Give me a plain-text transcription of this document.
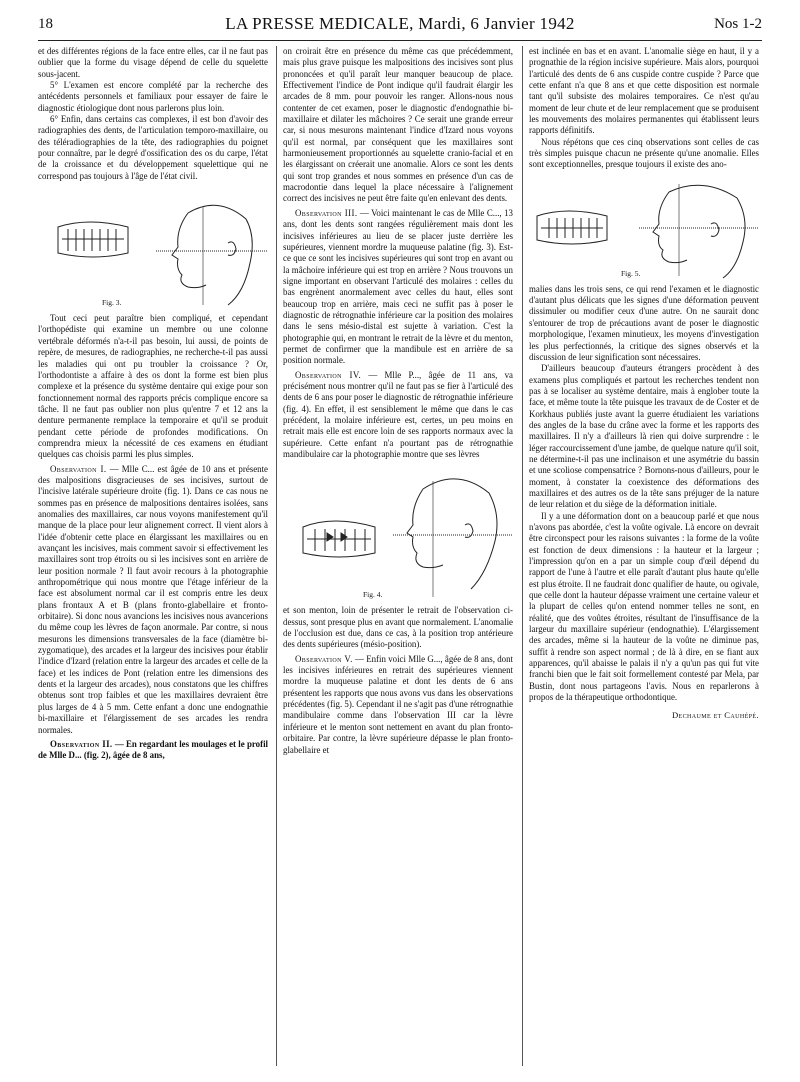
18	LA PRESSE MEDICALE, Mardi, 6 Janvier 1942	Nos 1-2

et des différentes régions de la face entre elles, car il ne faut pas oublier que la forme du visage dépend de celle du squelette sous-jacent.

5° L'examen est encore complété par la recherche des antécédents personnels et familiaux pour essayer de faire le diagnostic étiologique dont nous parlerons plus loin.

6° Enfin, dans certains cas complexes, il est bon d'avoir des radiographies des dents, de l'articulation temporo-maxillaire, ou des téléradiographies de la tête, des radiographies du poignet pour connaître, par le degré d'ossification des os du carpe, l'état de la croissance et du développement squelettique qui ne correspond pas toujours à l'âge de l'état civil.

Fig. 3.

Tout ceci peut paraître bien compliqué, et cependant l'orthopédiste qui examine un membre ou une colonne vertébrale déformés n'a-t-il pas besoin, lui aussi, de points de repère, de mesures, de radiographies, ne recherche-t-il pas aussi les maladies qui ont pu troubler la croissance ? Or, l'orthodontiste a affaire à des os dont la forme est bien plus complexe et la présence du système dentaire qui exige pour son fonctionnement normal des rapports précis complique encore sa tâche. Il ne faut pas oublier non plus qu'entre 7 et 12 ans la denture permanente remplace la temporaire et qu'il se produit pendant cette période de profondes modifications. On comprendra mieux la nécessité de ces examens en étudiant quelques cas choisis parmi les plus simples.

Observation I. — Mlle C... est âgée de 10 ans et présente des malpositions disgracieuses de ses incisives, surtout de l'incisive latérale supérieure droite (fig. 1). Dans ce cas nous ne sommes pas en présence de malpositions dentaires isolées, sans anomalies des maxillaires, car nous voyons manifestement qu'il manque de la place pour leur alignement correct. Il vient alors à l'idée d'obtenir cette place en élargissant les maxillaires ou en avançant les incisives, mais comment savoir si effectivement les maxillaires sont trop étroits ou si les incisives sont en arrière de leur position normale ? Il faut avoir recours à la photographie anthropométrique qui nous montre que l'étage inférieur de la face est absolument normal car il est compris entre les deux plans frontaux A et B (plans fronto-glabellaire et fronto-orbitaire). Si donc nous avancions les incisives nous avancerions du même coup les lèvres de façon anormale. Par contre, si nous mesurons les dimensions transversales de la face (diamètre bi-zygomatique), des arcades et la largeur des incisives pour établir l'indice d'Izard (relation entre la largeur des arcades et celle de la face) et les indices de Pont (relation entre les dimensions des dents et la largeur des arcades), nous constatons que les chiffres obtenus sont trop faibles et que les maxillaires devraient être plus larges de 4 à 5 mm. Cette enfant a donc une endognathie bi-maxillaire et l'élargissement de ses arcades les rendra normales.

Observation II. — En regardant les moulages et le profil de Mlle D... (fig. 2), âgée de 8 ans,

on croirait être en présence du même cas que précédemment, mais plus grave puisque les malpositions des incisives sont plus prononcées et qu'il paraît leur manquer beaucoup de place. Effectivement l'indice de Pont indique qu'il faudrait élargir les arcades de 8 mm. pour pouvoir les ranger. Allons-nous nous contenter de cet examen, poser le diagnostic d'endognathie bi-maxillaire et dilater les mâchoires ? Ce serait une grande erreur car, si nous mesurons maintenant l'indice d'Izard nous voyons qu'il est normal, par conséquent que les maxillaires sont harmonieusement proportionnés au squelette cranio-facial et en les élargissant on créerait une anomalie. Alors ce sont les dents qui sont trop grandes et nous sommes en présence d'un cas de macrodontie dans lequel la place nécessaire à l'alignement correct des incisives ne peut être faite qu'en enlevant des dents.

Observation III. — Voici maintenant le cas de Mlle C..., 13 ans, dont les dents sont rangées régulièrement mais dont les incisives inférieures au lieu de se placer juste derrière les supérieures, viennent mordre la muqueuse palatine (fig. 3). Est-ce que ce sont les incisives supérieures qui sont trop en avant ou la mâchoire inférieure qui est trop en arrière ? Nous trouvons un signe important en observant l'articulé des molaires : celles du bas engrènent anormalement avec celles du haut, elles sont beaucoup trop en arrière, mais ceci ne suffit pas à poser le diagnostic de rétrognathie inférieure car la position des molaires dans le sens mésio-distal est sujette à variation. C'est la photographie qui, en montrant le retrait de la lèvre et du menton, permet de confirmer que la mandibule est en arrière de sa position normale.

Observation IV. — Mlle P..., âgée de 11 ans, va précisément nous montrer qu'il ne faut pas se fier à l'articulé des dents de 6 ans pour poser le diagnostic de rétrognathie inférieure (fig. 4). En effet, il est sensiblement le même que dans le cas précédent, la molaire inférieure est, certes, un peu moins en retrait mais elle est encore loin de ses rapports normaux avec la supérieure. Cette enfant n'a pourtant pas de rétrognathie mandibulaire car la photographie montre que ses lèvres

Fig. 4.

et son menton, loin de présenter le retrait de l'observation ci-dessus, sont presque plus en avant que normalement. L'anomalie de l'occlusion est due, dans ce cas, à la position trop antérieure des dents supérieures (mésio-position).

Observation V. — Enfin voici Mlle G..., âgée de 8 ans, dont les incisives inférieures en retrait des supérieures viennent mordre la muqueuse palatine et dont les dents de 6 ans présentent les rapports que nous avons vus dans les observations précédentes (fig. 5). Cependant il ne s'agit pas d'une rétrognathie mandibulaire comme dans l'observation III car la lèvre inférieure et le menton sont nettement en avant du plan fronto-orbitaire. Par contre, la lèvre supérieure dépasse le plan fronto-glabellaire et

est inclinée en bas et en avant. L'anomalie siège en haut, il y a prognathie de la région incisive supérieure. Mais alors, pourquoi l'articulé des dents de 6 ans cuspide contre cuspide ? Parce que cette enfant n'a que 8 ans et que cette disposition est normale tant qu'il subsiste des molaires temporaires. Ce n'est qu'au moment de leur chute et de leur remplacement que se produisent les mouvements des molaires permanentes qui établissent leurs rapports définitifs.

Nous répétons que ces cinq observations sont celles de cas très simples puisque chacun ne présente qu'une anomalie. Elles sont exceptionnelles, presque toujours il existe des ano-

Fig. 5.

malies dans les trois sens, ce qui rend l'examen et le diagnostic d'autant plus délicats que les signes d'une déformation peuvent dissimuler ou modifier ceux d'une autre. On ne saurait donc s'entourer de trop de précautions avant de poser le diagnostic morphologique, l'examen minutieux, les moyens d'investigation les plus perfectionnés, la critique des signes observés et la discussion de leur signification sont nécessaires.

D'ailleurs beaucoup d'auteurs étrangers procèdent à des examens plus compliqués et partout les recherches tendent non pas à se localiser au système dentaire, mais à englober toute la face, et même toute la tête puisque les travaux de de Coster et de Korkhaus publiés juste avant la guerre étudiaient les variations des angles de la base du crâne avec la forme et les rapports des maxillaires. Il n'y a d'ailleurs là rien qui doive surprendre : le léger raccourcissement d'une jambe, de quelque nature qu'il soit, ne détermine-t-il pas une inclinaison et une asymétrie du bassin et une scoliose compensatrice ? Bornons-nous d'ailleurs, pour le moment, à constater la coexistence des déformations des maxillaires et des autres os de la tête sans préjuger de la nature de leur relation et du siège de la déformation initiale.

Il y a une déformation dont on a beaucoup parlé et que nous n'avons pas abordée, c'est la voûte ogivale. Là encore on devrait être circonspect pour les raisons suivantes : la forme de la voûte est fonction de deux dimensions : la hauteur et la largeur ; l'impression qu'on en a par un simple coup d'œil dépend du rapport de l'une à l'autre et elle paraît d'autant plus haute qu'elle est plus étroite. Il ne faudrait donc qualifier de haute, ou ogivale, que celle dont la hauteur dépasse vraiment une certaine valeur et la plupart de celles qu'on entend nommer telles ne sont, en réalité, que des voûtes étroites, résultant de l'insuffisance de la largeur du maxillaire supérieur (endognathie). L'élargissement des arcades, même si la hauteur de la voûte ne diminue pas, suffit à rendre son aspect normal ; de là à dire, en se fiant aux apparences, qu'il abaisse le palais il n'y a qu'un pas qui fut vite franchi bien que le fait soit formellement contesté par Mela, par Bustin, dont nous partageons l'avis. Nous en reparlerons à propos de la thérapeutique orthodontique.

Dechaume et Cauhépé.
